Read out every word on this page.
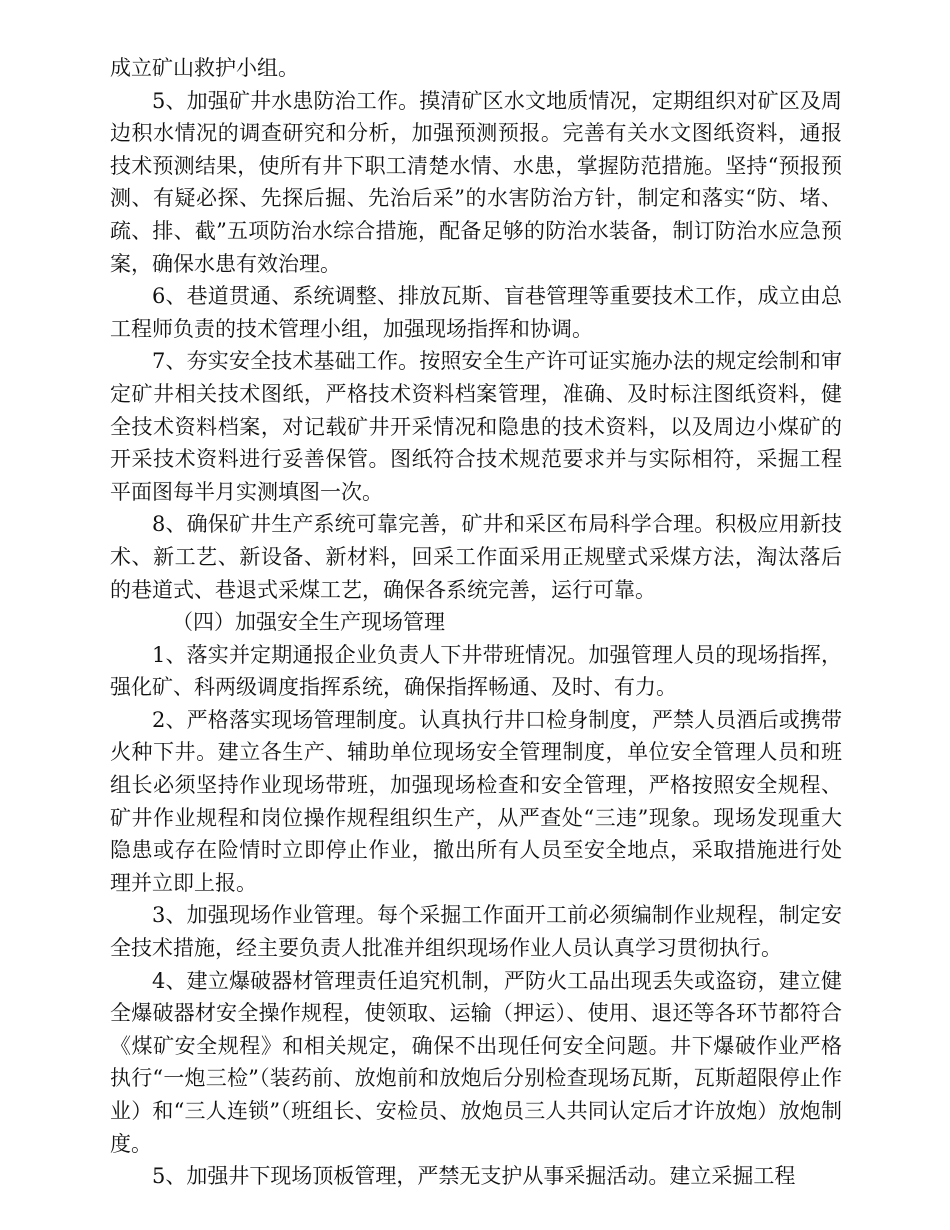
成立矿山救护小组。

5、加强矿井水患防治工作。摸清矿区水文地质情况，定期组织对矿区及周边积水情况的调查研究和分析，加强预测预报。完善有关水文图纸资料，通报技术预测结果，使所有井下职工清楚水情、水患，掌握防范措施。坚持“预报预测、有疑必探、先探后掘、先治后采”的水害防治方针，制定和落实“防、堵、疏、排、截”五项防治水综合措施，配备足够的防治水装备，制订防治水应急预案，确保水患有效治理。

6、巷道贯通、系统调整、排放瓦斯、盲巷管理等重要技术工作，成立由总工程师负责的技术管理小组，加强现场指挥和协调。

7、夯实安全技术基础工作。按照安全生产许可证实施办法的规定绘制和审定矿井相关技术图纸，严格技术资料档案管理，准确、及时标注图纸资料，健全技术资料档案，对记载矿井开采情况和隐患的技术资料，以及周边小煤矿的开采技术资料进行妥善保管。图纸符合技术规范要求并与实际相符，采掘工程平面图每半月实测填图一次。

8、确保矿井生产系统可靠完善，矿井和采区布局科学合理。积极应用新技术、新工艺、新设备、新材料，回采工作面采用正规壁式采煤方法，淘汰落后的巷道式、巷退式采煤工艺，确保各系统完善，运行可靠。

（四）加强安全生产现场管理

1、落实并定期通报企业负责人下井带班情况。加强管理人员的现场指挥，强化矿、科两级调度指挥系统，确保指挥畅通、及时、有力。

2、严格落实现场管理制度。认真执行井口检身制度，严禁人员酒后或携带火种下井。建立各生产、辅助单位现场安全管理制度，单位安全管理人员和班组长必须坚持作业现场带班，加强现场检查和安全管理，严格按照安全规程、矿井作业规程和岗位操作规程组织生产，从严查处“三违”现象。现场发现重大隐患或存在险情时立即停止作业，撤出所有人员至安全地点，采取措施进行处理并立即上报。

3、加强现场作业管理。每个采掘工作面开工前必须编制作业规程，制定安全技术措施，经主要负责人批准并组织现场作业人员认真学习贯彻执行。

4、建立爆破器材管理责任追究机制，严防火工品出现丢失或盗窃，建立健全爆破器材安全操作规程，使领取、运输（押运）、使用、退还等各环节都符合《煤矿安全规程》和相关规定，确保不出现任何安全问题。井下爆破作业严格执行“一炮三检”（装药前、放炮前和放炮后分别检查现场瓦斯，瓦斯超限停止作业）和“三人连锁”（班组长、安检员、放炮员三人共同认定后才许放炮）放炮制度。

5、加强井下现场顶板管理，严禁无支护从事采掘活动。建立采掘工程
